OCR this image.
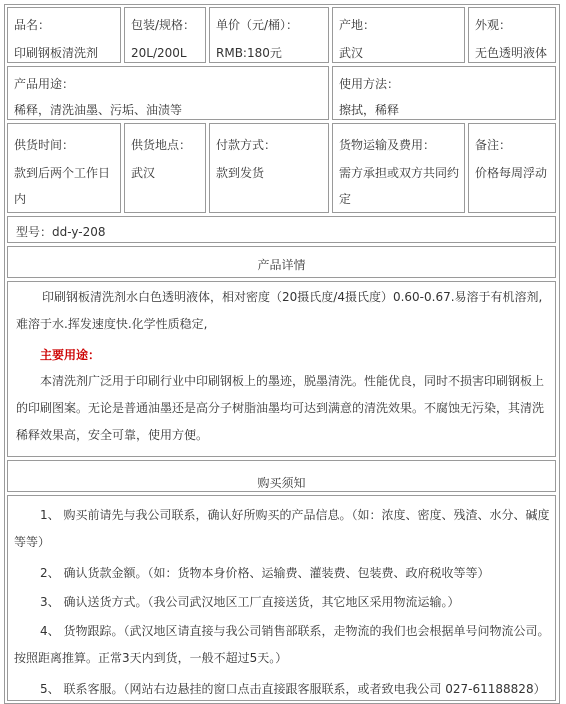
品名：
印刷钢板清洗剂
包装/规格：
20L/200L
单价（元/桶）：
RMB:180元
产地：
武汉
外观：
无色透明液体
产品用途：
稀释，清洗油墨、污垢、油渍等
使用方法：
擦拭，稀释
供货时间：
款到后两个工作日内
供货地点：
武汉
付款方式：
款到发货
货物运输及费用：
需方承担或双方共同约定
备注：
价格每周浮动
型号：dd-y-208
产品详情
印刷钢板清洗剂水白色透明液体，相对密度（20摄氏度/4摄氏度）0.60-0.67.易溶于有机溶剂,难溶于水.挥发速度快.化学性质稳定,
主要用途：
本清洗剂广泛用于印刷行业中印刷钢板上的墨迹，脱墨清洗。性能优良，同时不损害印刷钢板上的印刷图案。无论是普通油墨还是高分子树脂油墨均可达到满意的清洗效果。不腐蚀无污染，其清洗稀释效果高，安全可靠，使用方便。
购买须知
1、 购买前请先与我公司联系，确认好所购买的产品信息。（如：浓度、密度、残渣、水分、碱度等等）
2、 确认货款金额。（如：货物本身价格、运输费、灌装费、包装费、政府税收等等）
3、 确认送货方式。（我公司武汉地区工厂直接送货，其它地区采用物流运输。）
4、 货物跟踪。（武汉地区请直接与我公司销售部联系，走物流的我们也会根据单号问物流公司。按照距离推算。正常3天内到货，一般不超过5天。）
5、 联系客服。（网站右边悬挂的窗口点击直接跟客服联系，或者致电我公司 027-61188828）
